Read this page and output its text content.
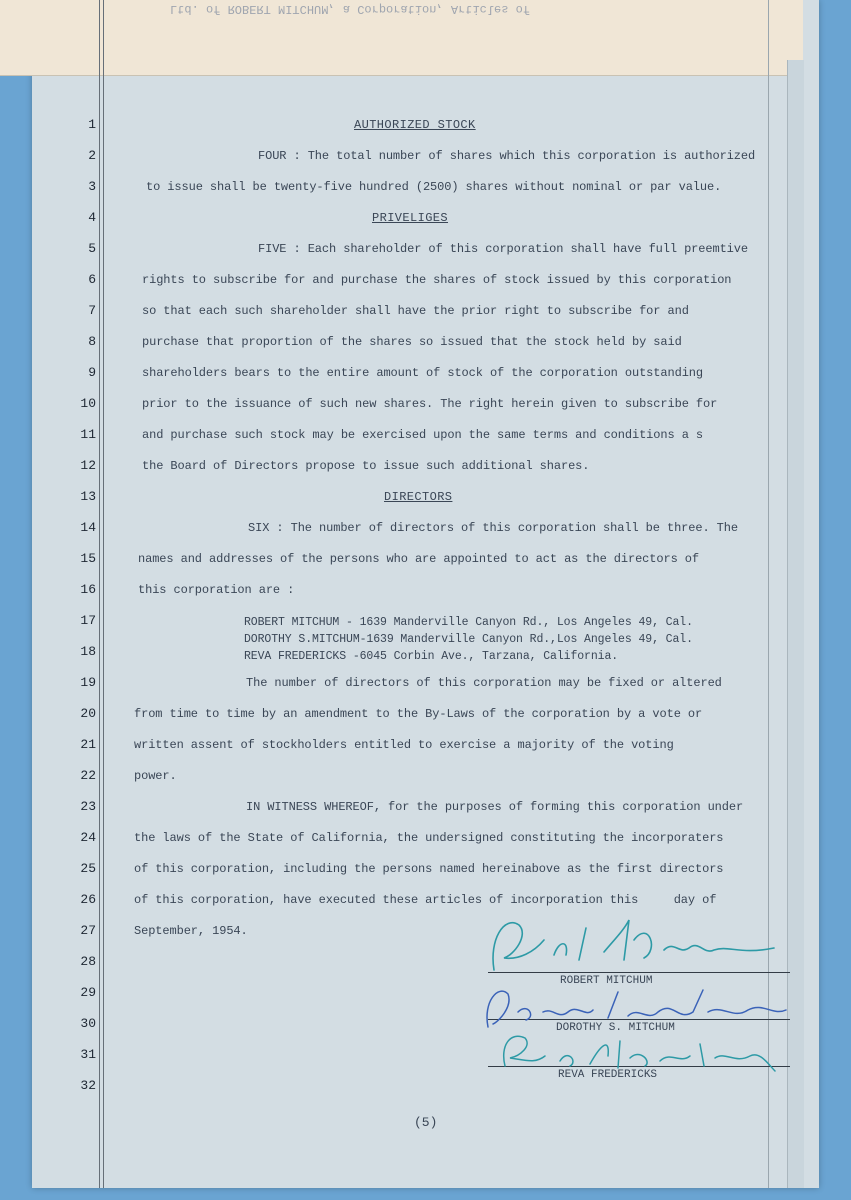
Ltd. of ROBERT MITCHUM, a Corporation, Articles of
1
2
3
4
5
6
7
8
9
10
11
12
13
14
15
16
17
18
19
20
21
22
23
24
25
26
27
28
29
30
31
32
AUTHORIZED STOCK
FOUR : The total number of shares which this corporation is authorized
to issue shall be twenty-five hundred (2500) shares without nominal or par value.
PRIVELIGES
FIVE : Each shareholder of this corporation shall have full preemtive
rights to subscribe for and purchase the shares of stock issued by this corporation
so that each such shareholder shall have the prior right to subscribe for and
purchase that proportion of the shares so issued that the stock held by said
shareholders bears to the entire amount of stock of the corporation outstanding
prior to the issuance of such new shares. The right herein given to subscribe for
and purchase such stock may be exercised upon the same terms and conditions a s
the Board of Directors propose to issue such additional shares.
DIRECTORS
SIX : The number of directors of this corporation shall be three. The
names and addresses of the persons who are appointed to act as the directors of
this corporation are :
ROBERT MITCHUM - 1639 Manderville Canyon Rd., Los Angeles 49, Cal.
DOROTHY S.MITCHUM-1639 Manderville Canyon Rd.,Los Angeles 49, Cal.
REVA FREDERICKS -6045 Corbin Ave., Tarzana, California.
The number of directors of this corporation may be fixed or altered
from time to time by an amendment to the By-Laws of the corporation by a vote or
written assent of stockholders entitled to exercise a majority of the voting
power.
IN WITNESS WHEREOF, for the purposes of forming this corporation under
the laws of the State of California, the undersigned constituting the incorporaters
of this corporation, including the persons named hereinabove as the first directors
of this corporation, have executed these articles of incorporation this     day of
September, 1954.
ROBERT MITCHUM
DOROTHY S. MITCHUM
REVA FREDERICKS
(5)
